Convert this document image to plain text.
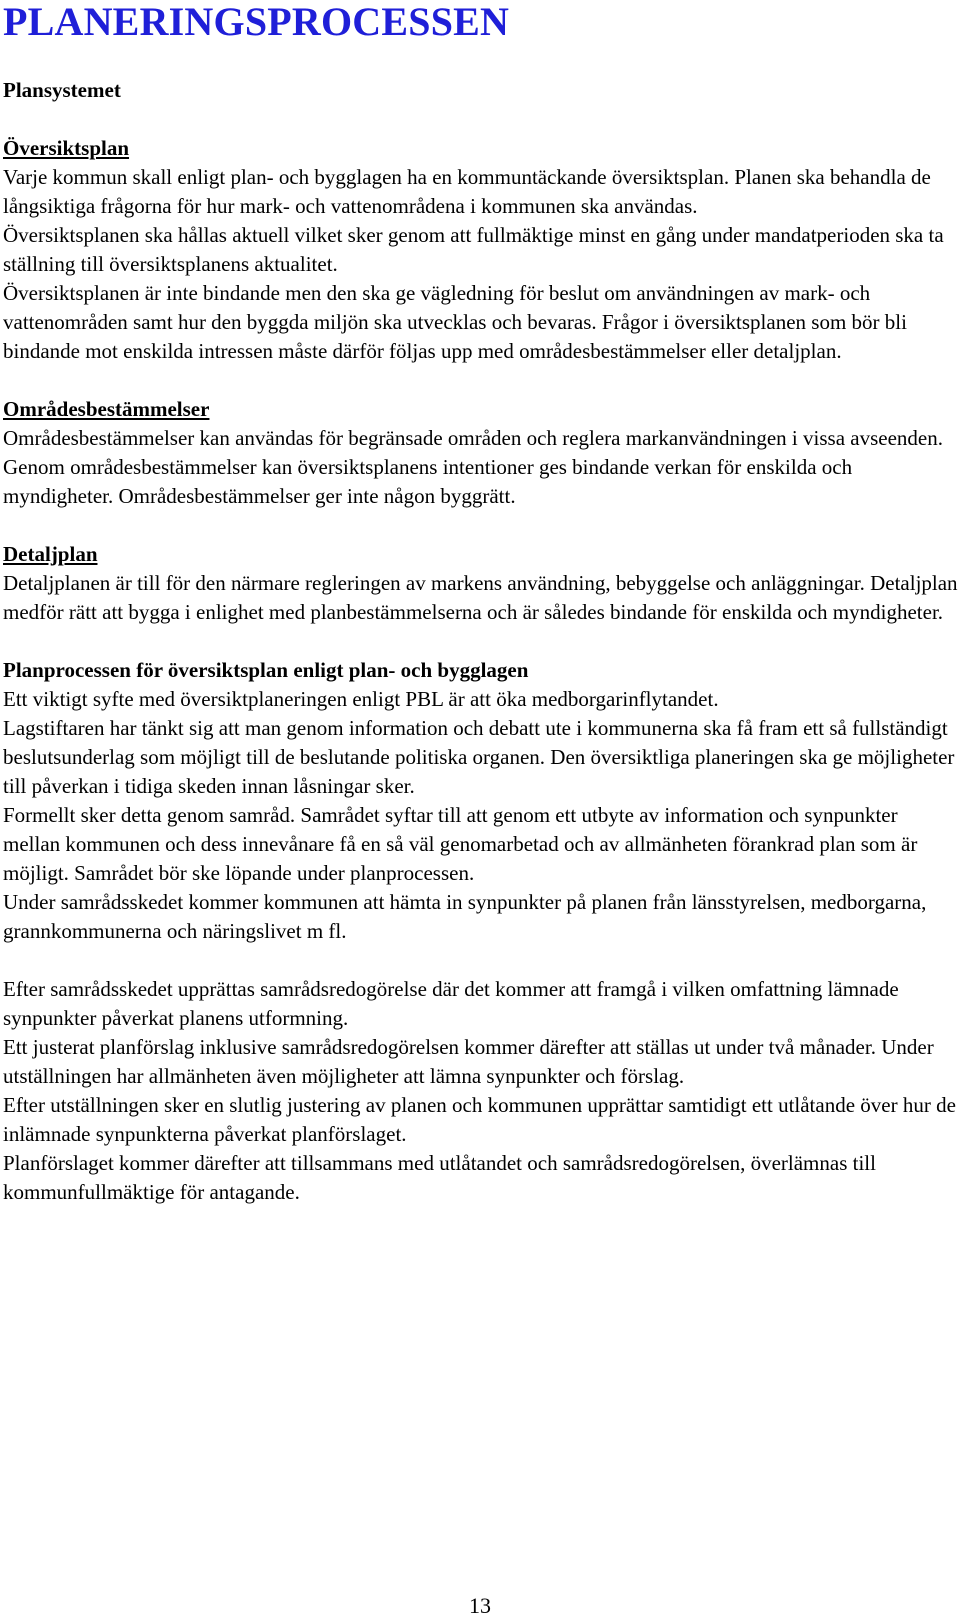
PLANERINGSPROCESSEN
Plansystemet
Översiktsplan

Varje kommun skall enligt plan- och bygglagen ha en kommuntäckande översiktsplan. Planen ska behandla de långsiktiga frågorna för hur mark- och vattenområdena i kommunen ska användas.

Översiktsplanen ska hållas aktuell vilket sker genom att fullmäktige minst en gång under mandatperioden ska ta ställning till översiktsplanens aktualitet.

Översiktsplanen är inte bindande men den ska ge vägledning för beslut om användningen av mark- och vattenområden samt hur den byggda miljön ska utvecklas och bevaras. Frågor i översiktsplanen som bör bli bindande mot enskilda intressen måste därför följas upp med områdesbestämmelser eller detaljplan.

Områdesbestämmelser

Områdesbestämmelser kan användas för begränsade områden och reglera markanvändningen i vissa avseenden. Genom områdesbestämmelser kan översiktsplanens intentioner ges bindande verkan för enskilda och myndigheter. Områdesbestämmelser ger inte någon byggrätt.

Detaljplan

Detaljplanen är till för den närmare regleringen av markens användning, bebyggelse och anläggningar. Detaljplan medför rätt att bygga i enlighet med planbestämmelserna och är således bindande för enskilda och myndigheter.

Planprocessen för översiktsplan enligt plan- och bygglagen

Ett viktigt syfte med översiktplaneringen enligt PBL är att öka medborgarinflytandet.

Lagstiftaren har tänkt sig att man genom information och debatt ute i kommunerna ska få fram ett så fullständigt beslutsunderlag som möjligt till de beslutande politiska organen. Den översiktliga planeringen ska ge möjligheter till påverkan i tidiga skeden innan låsningar sker.

Formellt sker detta genom samråd. Samrådet syftar till att genom ett utbyte av information och synpunkter mellan kommunen och dess innevånare få en så väl genomarbetad och av allmänheten förankrad plan som är möjligt. Samrådet bör ske löpande under planprocessen.

Under samrådsskedet kommer kommunen att hämta in synpunkter på planen från länsstyrelsen, medborgarna, grannkommunerna och näringslivet m fl.

Efter samrådsskedet upprättas samrådsredogörelse där det kommer att framgå i vilken omfattning lämnade synpunkter påverkat planens utformning.

Ett justerat planförslag inklusive samrådsredogörelsen kommer därefter att ställas ut under två månader. Under utställningen har allmänheten även möjligheter att lämna synpunkter och förslag.

Efter utställningen sker en slutlig justering av planen och kommunen upprättar samtidigt ett utlåtande över hur de inlämnade synpunkterna påverkat planförslaget.

Planförslaget kommer därefter att tillsammans med utlåtandet och samrådsredogörelsen, överlämnas till kommunfullmäktige för antagande.

13
